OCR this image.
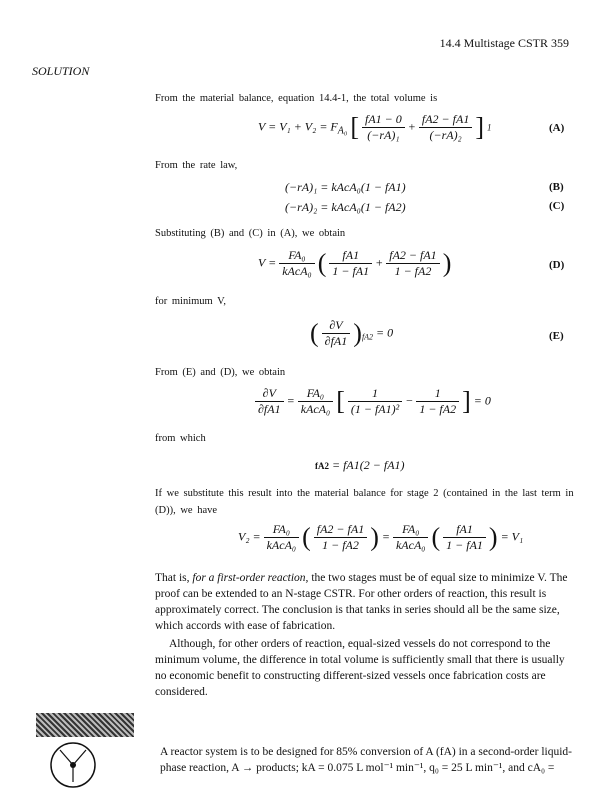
14.4 Multistage CSTR 359
SOLUTION
From the material balance, equation 14.4-1, the total volume is
$V = V_1 + V_2 = F_{A_0}$ [ $\frac{fA1 - 0}{\text{(−rA)₁}} + \frac{fA2 - fA1}{\text{(−rA)₂}}$ ] 1	(A)
From the rate law,
(−rA)₁ = kAcA₀(1 − fA1)	(B)
(−rA)₂ = kAcA₀(1 − fA2)	(C)
Substituting (B) and (C) in (A), we obtain
$V = \frac{\text{FA₀}}{\text{kAcA₀}}$ ( $\frac{fA1}{1 - fA1} + \frac{fA2 - fA1}{1 - fA2}$ )	(D)
for minimum V,
( $\frac{\partial V}{\partial fA1} )_{fA2} = 0$	(E)
From (E) and (D), we obtain
$\frac{\partial V}{\partial fA1} = \frac{\text{FA₀}}{\text{kAcA₀}}$ [ $\frac{1}{\text{(1 − fA1)²}} - \frac{1}{1 - fA2}$ ] = 0
from which
fA2 = fA1(2 − fA1)
If we substitute this result into the material balance for stage 2 (contained in the last term in (D)), we have
$V_2 = \frac{\text{FA₀}}{\text{kAcA₀}}$ ( $\frac{fA2 - fA1}{1 - fA2}$ ) = $\frac{\text{FA₀}}{\text{kAcA₀}}$ ( $\frac{fA1}{1 - fA1}$ ) = V₁
That is, for a first-order reaction, the two stages must be of equal size to minimize V. The proof can be extended to an N-stage CSTR. For other orders of reaction, this result is approximately correct. The conclusion is that tanks in series should all be the same size, which accords with ease of fabrication.
Although, for other orders of reaction, equal-sized vessels do not correspond to the minimum volume, the difference in total volume is sufficiently small that there is usually no economic benefit to constructing different-sized vessels once fabrication costs are considered.
A reactor system is to be designed for 85% conversion of A (fA) in a second-order liquid-phase reaction, A → products; kA = 0.075 L mol⁻¹ min⁻¹, q₀ = 25 L min⁻¹, and cA₀ =
